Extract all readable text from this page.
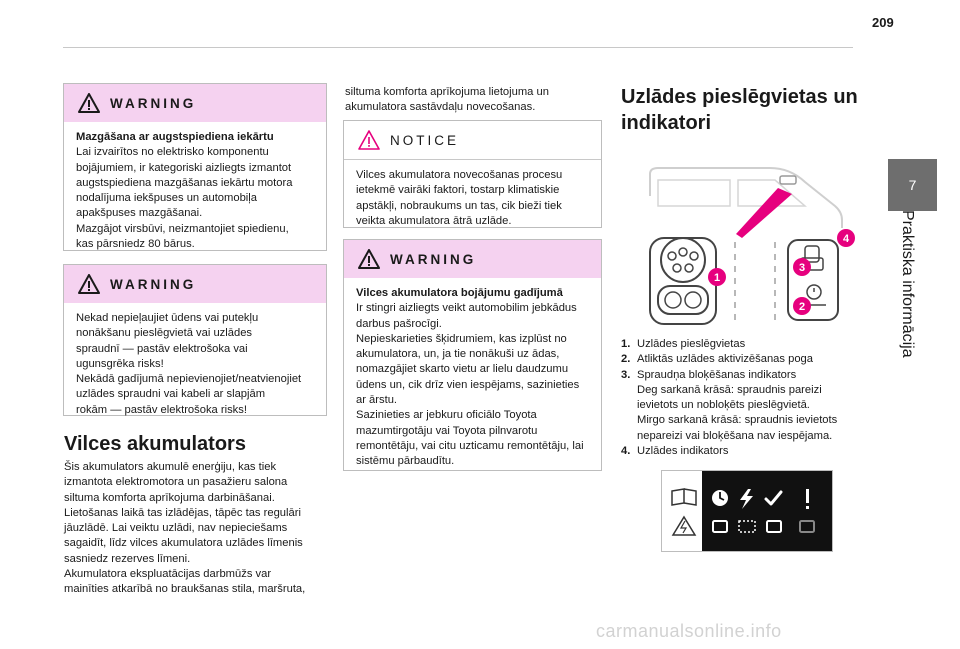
209
7
Praktiska informācija
WARNING
Mazgāšana ar augstspiediena iekārtu
Lai izvairītos no elektrisko komponentu
bojājumiem, ir kategoriski aizliegts izmantot
augstspiediena mazgāšanas iekārtu motora
nodalījuma iekšpuses un automobiļa
apakšpuses mazgāšanai.
Mazgājot virsbūvi, neizmantojiet spiedienu,
kas pārsniedz 80 bārus.
WARNING
Nekad nepieļaujiet ūdens vai putekļu
nonākšanu pieslēgvietā vai uzlādes
spraudnī — pastāv elektrošoka vai
ugunsgrēka risks!
Nekādā gadījumā nepievienojiet/neatvienojiet
uzlādes spraudni vai kabeli ar slapjām
rokām — pastāv elektrošoka risks!
Vilces akumulators
Šis akumulators akumulē enerģiju, kas tiek
izmantota elektromotora un pasažieru salona
siltuma komforta aprīkojuma darbināšanai.
Lietošanas laikā tas izlādējas, tāpēc tas regulāri
jāuzlādē. Lai veiktu uzlādi, nav nepieciešams
sagaidīt, līdz vilces akumulatora uzlādes līmenis
sasniedz rezerves līmeni.
Akumulatora ekspluatācijas darbmūžs var
mainīties atkarībā no braukšanas stila, maršruta,
siltuma komforta aprīkojuma lietojuma un
akumulatora sastāvdaļu novecošanas.
NOTICE
Vilces akumulatora novecošanas procesu
ietekmē vairāki faktori, tostarp klimatiskie
apstākļi, nobraukums un tas, cik bieži tiek
veikta akumulatora ātrā uzlāde.
WARNING
Vilces akumulatora bojājumu gadījumā
Ir stingri aizliegts veikt automobilim jebkādus
darbus pašrocīgi.
Nepieskarieties šķidrumiem, kas izplūst no
akumulatora, un, ja tie nonākuši uz ādas,
nomazgājiet skarto vietu ar lielu daudzumu
ūdens un, cik drīz vien iespējams, sazinieties
ar ārstu.
Sazinieties ar jebkuru oficiālo Toyota
mazumtirgotāju vai Toyota pilnvarotu
remontētāju, vai citu uzticamu remontētāju, lai
sistēmu pārbaudītu.
Uzlādes pieslēgvietas un
indikatori
1
2
3
4
1. Uzlādes pieslēgvietas
2. Atliktās uzlādes aktivizēšanas poga
3. Spraudņa bloķēšanas indikators
Deg sarkanā krāsā: spraudnis pareizi
ievietots un nobloķēts pieslēgvietā.
Mirgo sarkanā krāsā: spraudnis ievietots
nepareizi vai bloķēšana nav iespējama.
4. Uzlādes indikators
carmanualsonline.info
